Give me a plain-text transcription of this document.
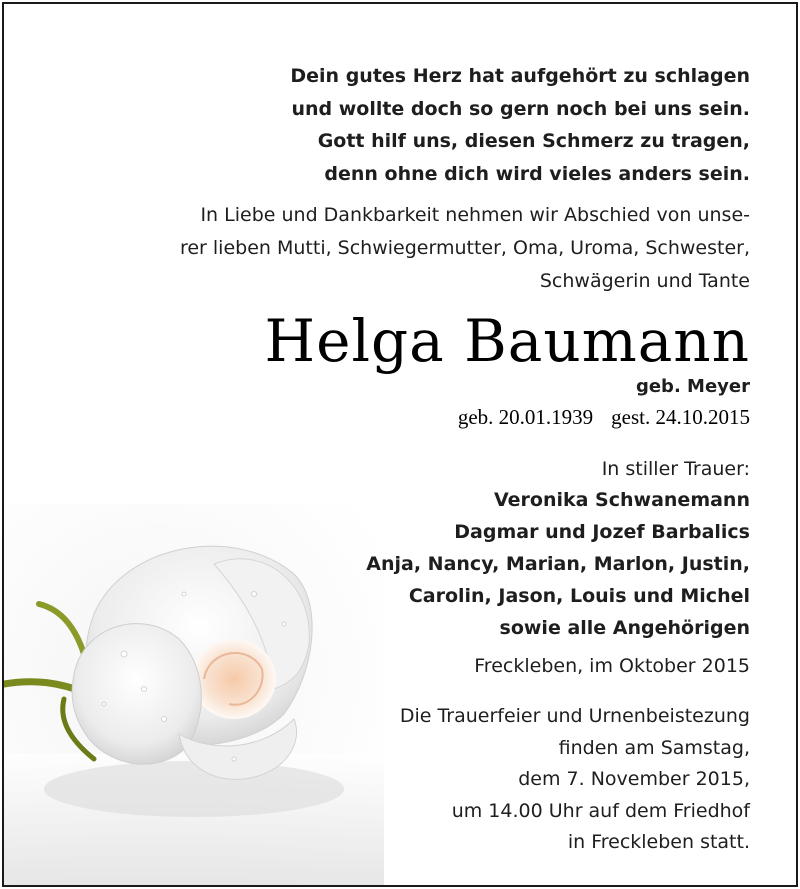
Dein gutes Herz hat aufgehört zu schlagen
und wollte doch so gern noch bei uns sein.
Gott hilf uns, diesen Schmerz zu tragen,
denn ohne dich wird vieles anders sein.
In Liebe und Dankbarkeit nehmen wir Abschied von unse-
rer lieben Mutti, Schwiegermutter, Oma, Uroma, Schwester,
Schwägerin und Tante
Helga Baumann
geb. Meyer
geb. 20.01.1939 gest. 24.10.2015
In stiller Trauer:
Veronika Schwanemann
Dagmar und Jozef Barbalics
Anja, Nancy, Marian, Marlon, Justin,
Carolin, Jason, Louis und Michel
sowie alle Angehörigen
Freckleben, im Oktober 2015
Die Trauerfeier und Urnenbeistezung
finden am Samstag,
dem 7. November 2015,
um 14.00 Uhr auf dem Friedhof
in Freckleben statt.
